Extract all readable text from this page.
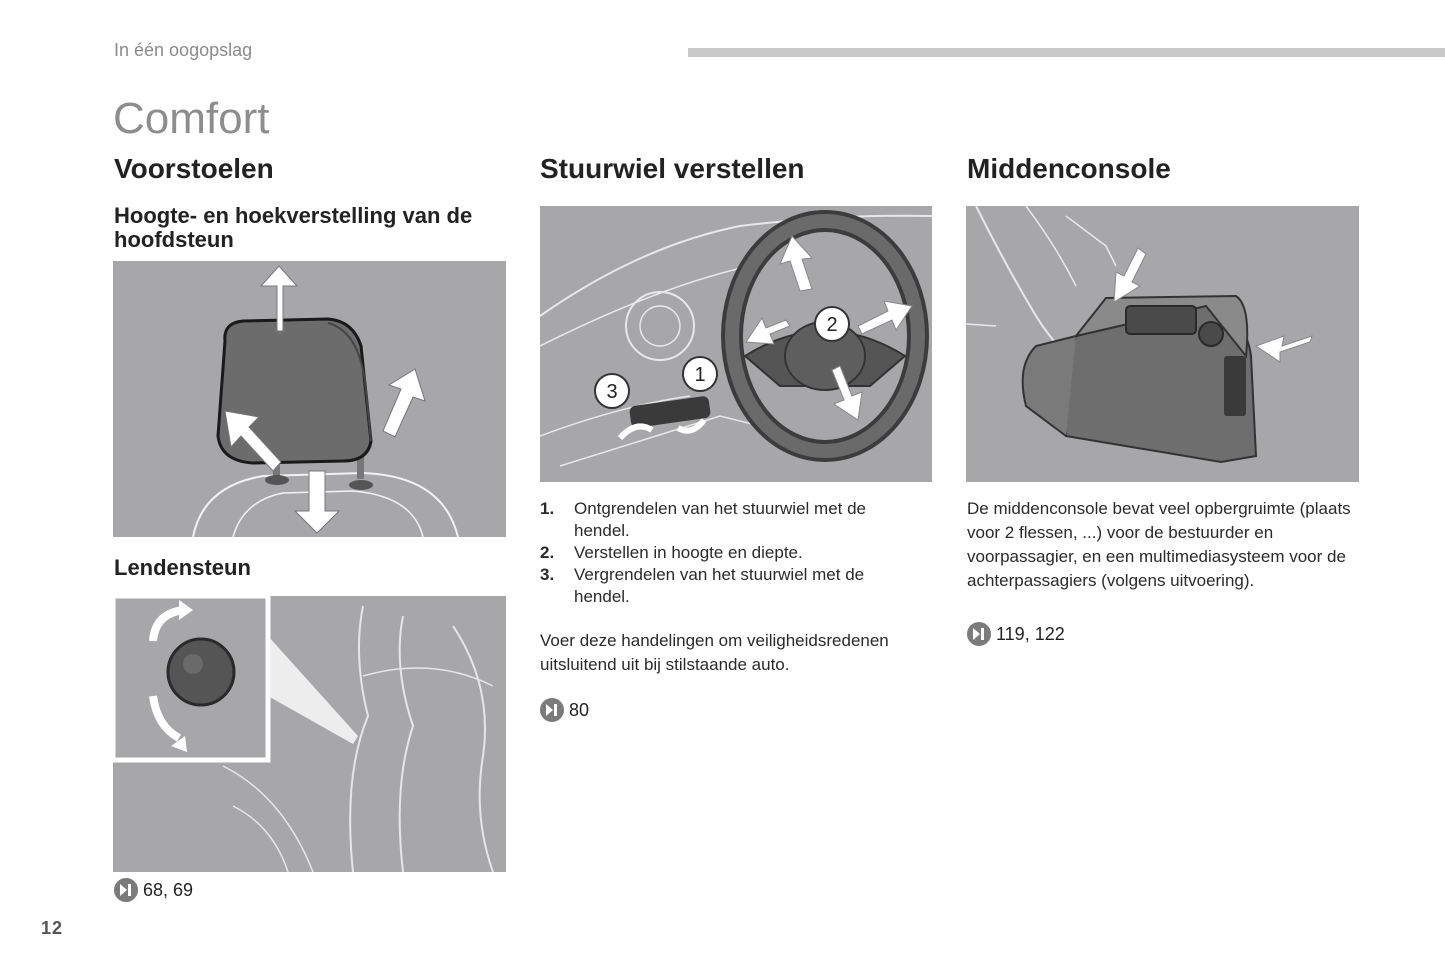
In één oogopslag
Comfort
Voorstoelen
Hoogte- en hoekverstelling van de hoofdsteun
Lendensteun
68, 69
Stuurwiel verstellen
1
2
3
1. Ontgrendelen van het stuurwiel met de hendel.
2. Verstellen in hoogte en diepte.
3. Vergrendelen van het stuurwiel met de hendel.
Voer deze handelingen om veiligheidsredenen uitsluitend uit bij stilstaande auto.
80
Middenconsole
De middenconsole bevat veel opbergruimte (plaats voor 2 flessen, ...) voor de bestuurder en voorpassagier, en een multimediasysteem voor de achterpassagiers (volgens uitvoering).
119, 122
12
